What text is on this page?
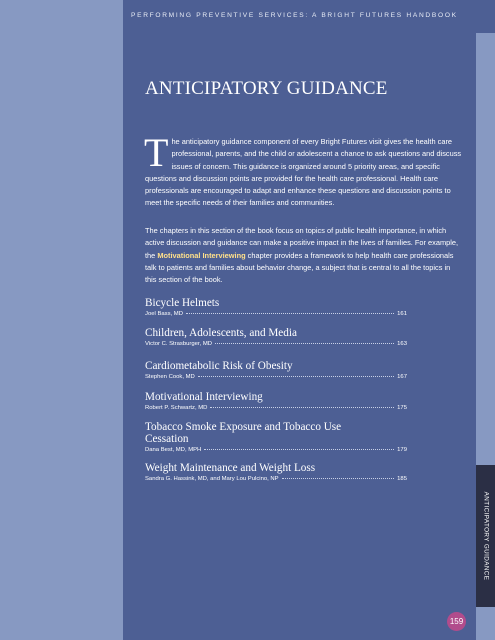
PERFORMING PREVENTIVE SERVICES: A BRIGHT FUTURES HANDBOOK
ANTICIPATORY GUIDANCE

The anticipatory guidance component of every Bright Futures visit gives the health care professional, parents, and the child or adolescent a chance to ask questions and discuss issues of concern. This guidance is organized around 5 priority areas, and specific questions and discussion points are provided for the health care professional. Health care professionals are encouraged to adapt and enhance these questions and discussion points to meet the specific needs of their families and communities.

The chapters in this section of the book focus on topics of public health importance, in which active discussion and guidance can make a positive impact in the lives of families. For example, the Motivational Interviewing chapter provides a framework to help health care professionals talk to patients and families about behavior change, a subject that is central to all the topics in this section of the book.

Bicycle Helmets
Joel Bass, MD	161
Children, Adolescents, and Media
Victor C. Strasburger, MD	163
Cardiometabolic Risk of Obesity
Stephen Cook, MD	167
Motivational Interviewing
Robert P. Schwartz, MD	175
Tobacco Smoke Exposure and Tobacco Use Cessation
Dana Best, MD, MPH	179
Weight Maintenance and Weight Loss
Sandra G. Hassink, MD, and Mary Lou Pulcino, NP	185
ANTICIPATORY GUIDANCE
159
